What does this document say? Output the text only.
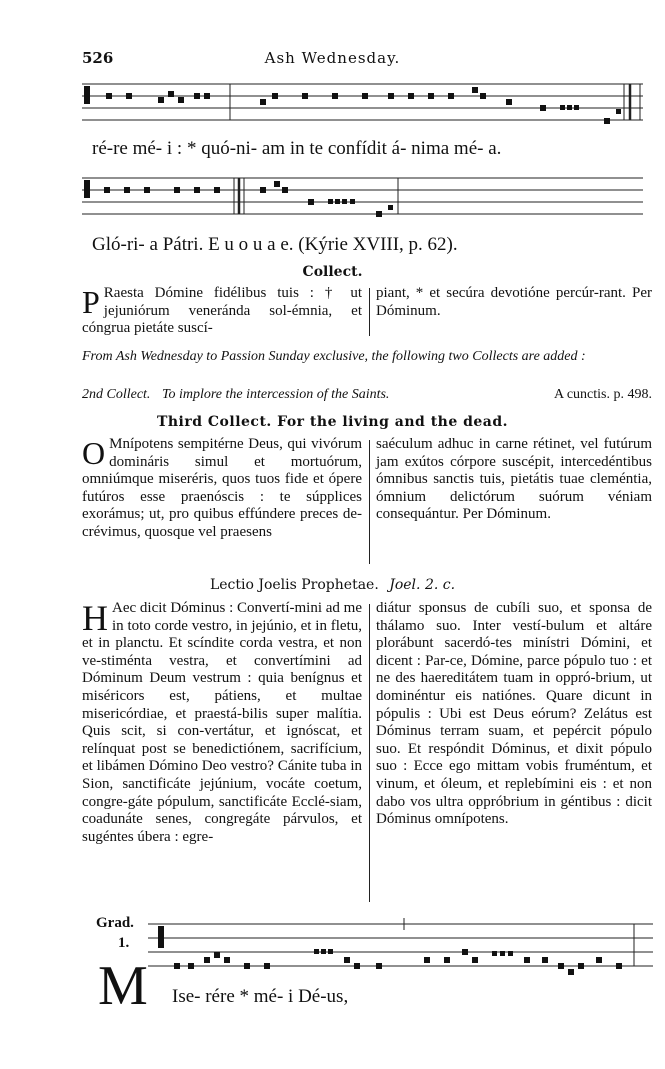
526	Ash Wednesday.
ré-re mé- i : * quó-ni- am in te confídit á- nima mé- a.
Gló-ri- a Pátri. E u o u a e. (Kýrie XVIII, p. 62).
Collect.
P Raesta Dómine fidélibus tuis : † ut jejuniórum veneránda sol-émnia, et cóngrua pietáte suscí-
piant, * et secúra devotióne percúr-rant. Per Dóminum.
From Ash Wednesday to Passion Sunday exclusive, the following two Collects are added :
2nd Collect. To implore the intercession of the Saints.	A cunctis. p. 498.
Third Collect. For the living and the dead.
O Mnípotens sempitérne Deus, qui vivórum domináris simul et mortuórum, omniúmque miseréris, quos tuos fide et ópere futúros esse praenóscis : te súpplices exorámus; ut, pro quibus effúndere preces de-crévimus, quosque vel praesens
saéculum adhuc in carne rétinet, vel futúrum jam exútos córpore suscépit, intercedéntibus ómnibus sanctis tuis, pietátis tuae cleméntia, ómnium delictórum suórum véniam consequántur. Per Dóminum.
Lectio Joelis Prophetae. Joel. 2. c.
H Aec dicit Dóminus : Convertí-mini ad me in toto corde vestro, in jejúnio, et in fletu, et in planctu. Et scíndite corda vestra, et non ve-stiménta vestra, et convertímini ad Dóminum Deum vestrum : quia benígnus et miséricors est, pátiens, et multae misericórdiae, et praestá-bilis super malítia. Quis scit, si con-vertátur, et ignóscat, et relínquat post se benedictiónem, sacrifícium, et libámen Dómino Deo vestro? Cánite tuba in Sion, sanctificáte jejúnium, vocáte coetum, congre-gáte pópulum, sanctificáte Ecclé-siam, coadunáte senes, congregáte párvulos, et sugéntes úbera : egre-
diátur sponsus de cubíli suo, et sponsa de thálamo suo. Inter vestí-bulum et altáre plorábunt sacerdó-tes minístri Dómini, et dicent : Par-ce, Dómine, parce pópulo tuo : et ne des haereditátem tuam in oppró-brium, ut dominéntur eis natiónes. Quare dicunt in pópulis : Ubi est Deus eórum? Zelátus est Dóminus terram suam, et pepércit pópulo suo. Et respóndit Dóminus, et dixit pópulo suo : Ecce ego mittam vobis fruméntum, et vinum, et óleum, et replebímini eis : et non dabo vos ultra oppróbrium in géntibus : dicit Dóminus omnípotens.
Grad.
1.
M Ise- rére * mé- i Dé-us,
